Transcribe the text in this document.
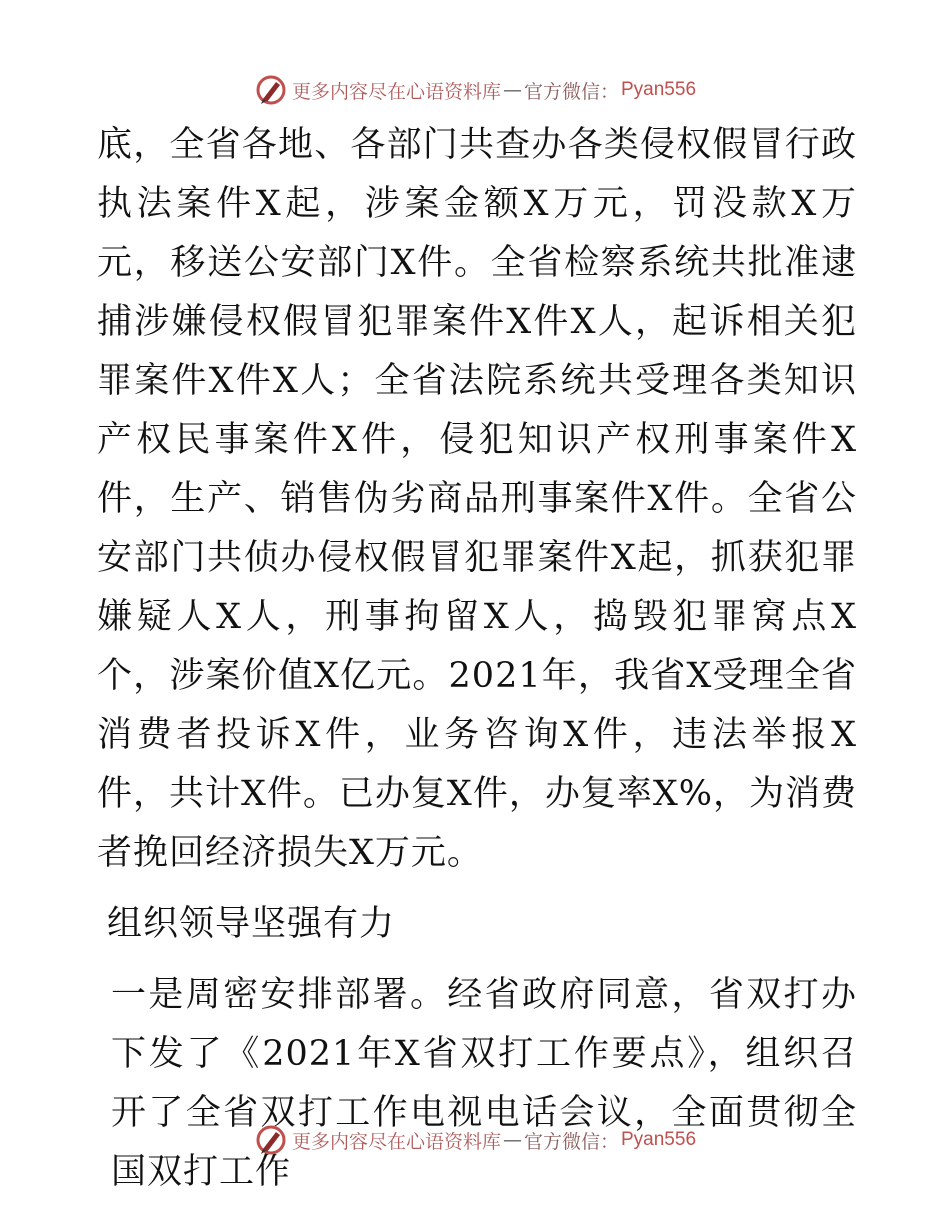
更多内容尽在心语资料库 — 官方微信： Pyan556

底，全省各地、各部门共查办各类侵权假冒行政执法案件X起，涉案金额X万元，罚没款X万元，移送公安部门X件。全省检察系统共批准逮捕涉嫌侵权假冒犯罪案件X件X人，起诉相关犯罪案件X件X人；全省法院系统共受理各类知识产权民事案件X件，侵犯知识产权刑事案件X件，生产、销售伪劣商品刑事案件X件。全省公安部门共侦办侵权假冒犯罪案件X起，抓获犯罪嫌疑人X人，刑事拘留X人，捣毁犯罪窝点X个，涉案价值X亿元。2021年，我省X受理全省消费者投诉X件，业务咨询X件，违法举报X件，共计X件。已办复X件，办复率X%，为消费者挽回经济损失X万元。

组织领导坚强有力

一是周密安排部署。经省政府同意，省双打办下发了《2021年X省双打工作要点》，组织召开了全省双打工作电视电话会议，全面贯彻全国双打工作

更多内容尽在心语资料库 — 官方微信： Pyan556
